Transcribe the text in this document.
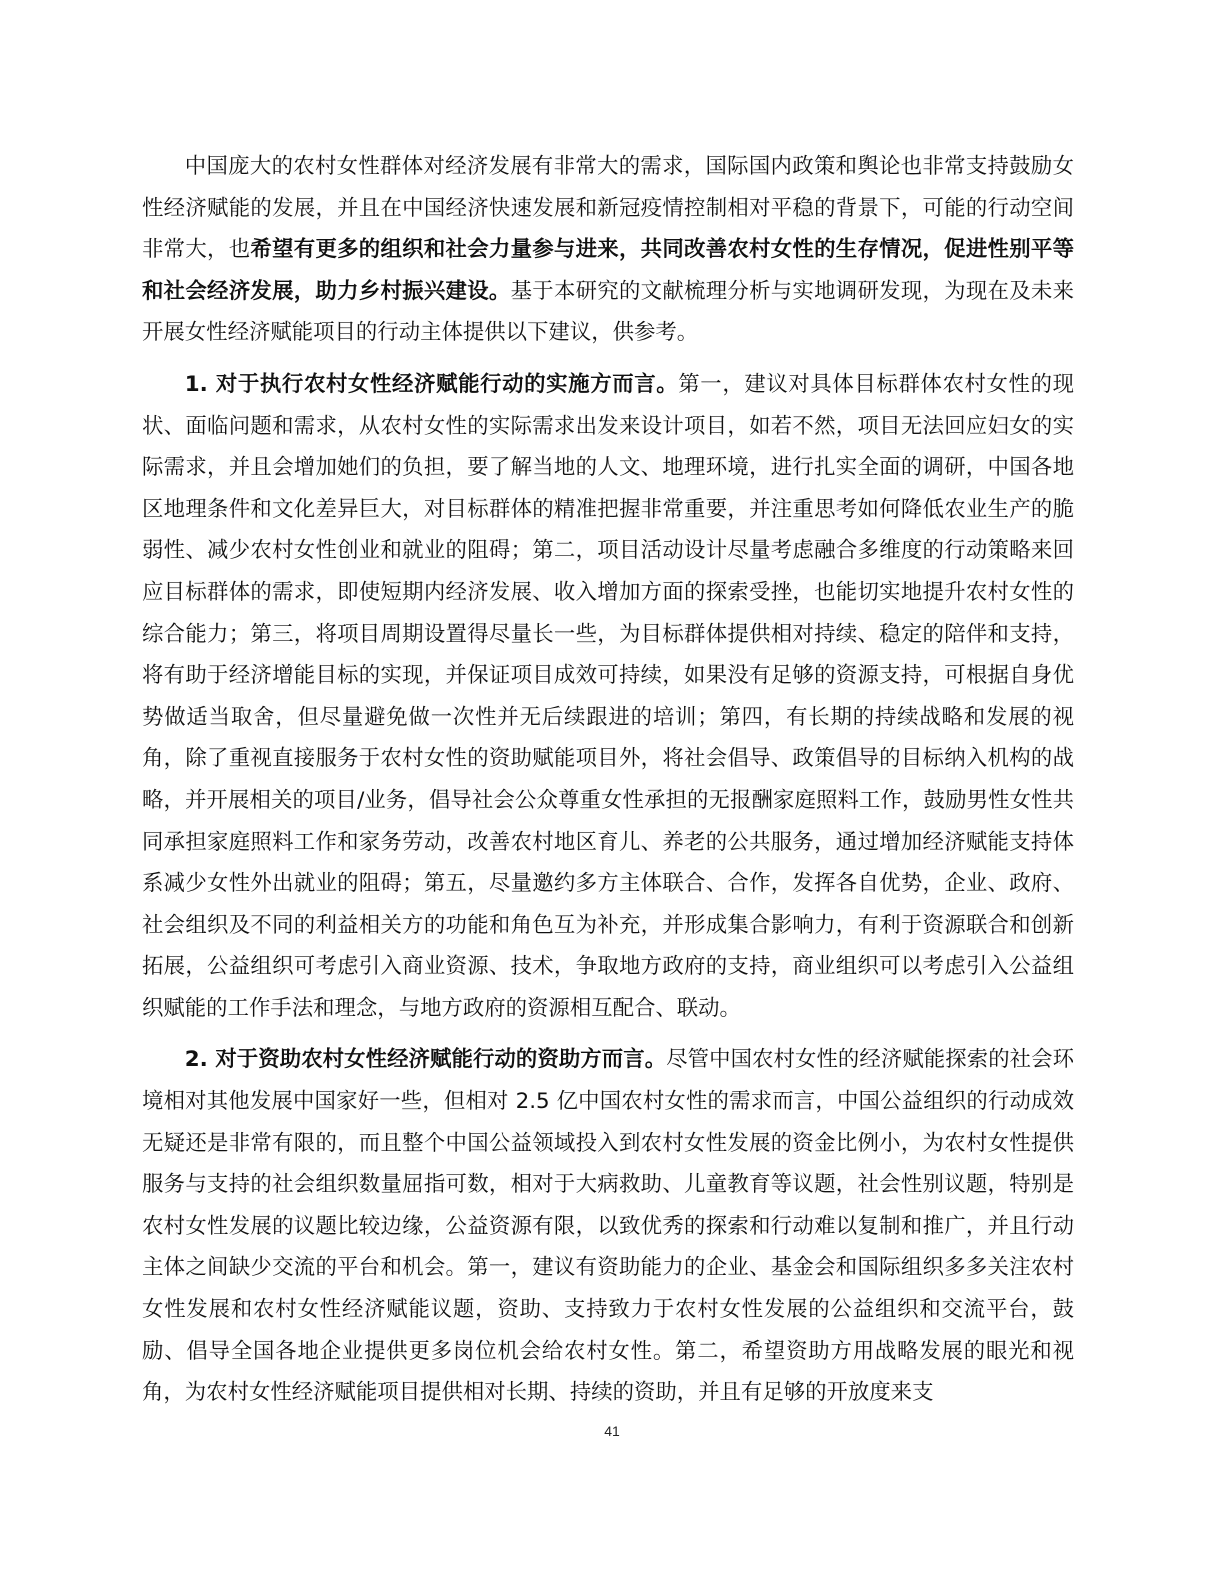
中国庞大的农村女性群体对经济发展有非常大的需求，国际国内政策和舆论也非常支持鼓励女性经济赋能的发展，并且在中国经济快速发展和新冠疫情控制相对平稳的背景下，可能的行动空间非常大，也希望有更多的组织和社会力量参与进来，共同改善农村女性的生存情况，促进性别平等和社会经济发展，助力乡村振兴建设。基于本研究的文献梳理分析与实地调研发现，为现在及未来开展女性经济赋能项目的行动主体提供以下建议，供参考。

1. 对于执行农村女性经济赋能行动的实施方而言。第一，建议对具体目标群体农村女性的现状、面临问题和需求，从农村女性的实际需求出发来设计项目，如若不然，项目无法回应妇女的实际需求，并且会增加她们的负担，要了解当地的人文、地理环境，进行扎实全面的调研，中国各地区地理条件和文化差异巨大，对目标群体的精准把握非常重要，并注重思考如何降低农业生产的脆弱性、减少农村女性创业和就业的阻碍；第二，项目活动设计尽量考虑融合多维度的行动策略来回应目标群体的需求，即使短期内经济发展、收入增加方面的探索受挫，也能切实地提升农村女性的综合能力；第三，将项目周期设置得尽量长一些，为目标群体提供相对持续、稳定的陪伴和支持，将有助于经济增能目标的实现，并保证项目成效可持续，如果没有足够的资源支持，可根据自身优势做适当取舍，但尽量避免做一次性并无后续跟进的培训；第四，有长期的持续战略和发展的视角，除了重视直接服务于农村女性的资助赋能项目外，将社会倡导、政策倡导的目标纳入机构的战略，并开展相关的项目/业务，倡导社会公众尊重女性承担的无报酬家庭照料工作，鼓励男性女性共同承担家庭照料工作和家务劳动，改善农村地区育儿、养老的公共服务，通过增加经济赋能支持体系减少女性外出就业的阻碍；第五，尽量邀约多方主体联合、合作，发挥各自优势，企业、政府、社会组织及不同的利益相关方的功能和角色互为补充，并形成集合影响力，有利于资源联合和创新拓展，公益组织可考虑引入商业资源、技术，争取地方政府的支持，商业组织可以考虑引入公益组织赋能的工作手法和理念，与地方政府的资源相互配合、联动。

2. 对于资助农村女性经济赋能行动的资助方而言。尽管中国农村女性的经济赋能探索的社会环境相对其他发展中国家好一些，但相对 2.5 亿中国农村女性的需求而言，中国公益组织的行动成效无疑还是非常有限的，而且整个中国公益领域投入到农村女性发展的资金比例小，为农村女性提供服务与支持的社会组织数量屈指可数，相对于大病救助、儿童教育等议题，社会性别议题，特别是农村女性发展的议题比较边缘，公益资源有限，以致优秀的探索和行动难以复制和推广，并且行动主体之间缺少交流的平台和机会。第一，建议有资助能力的企业、基金会和国际组织多多关注农村女性发展和农村女性经济赋能议题，资助、支持致力于农村女性发展的公益组织和交流平台，鼓励、倡导全国各地企业提供更多岗位机会给农村女性。第二，希望资助方用战略发展的眼光和视角，为农村女性经济赋能项目提供相对长期、持续的资助，并且有足够的开放度来支

41
